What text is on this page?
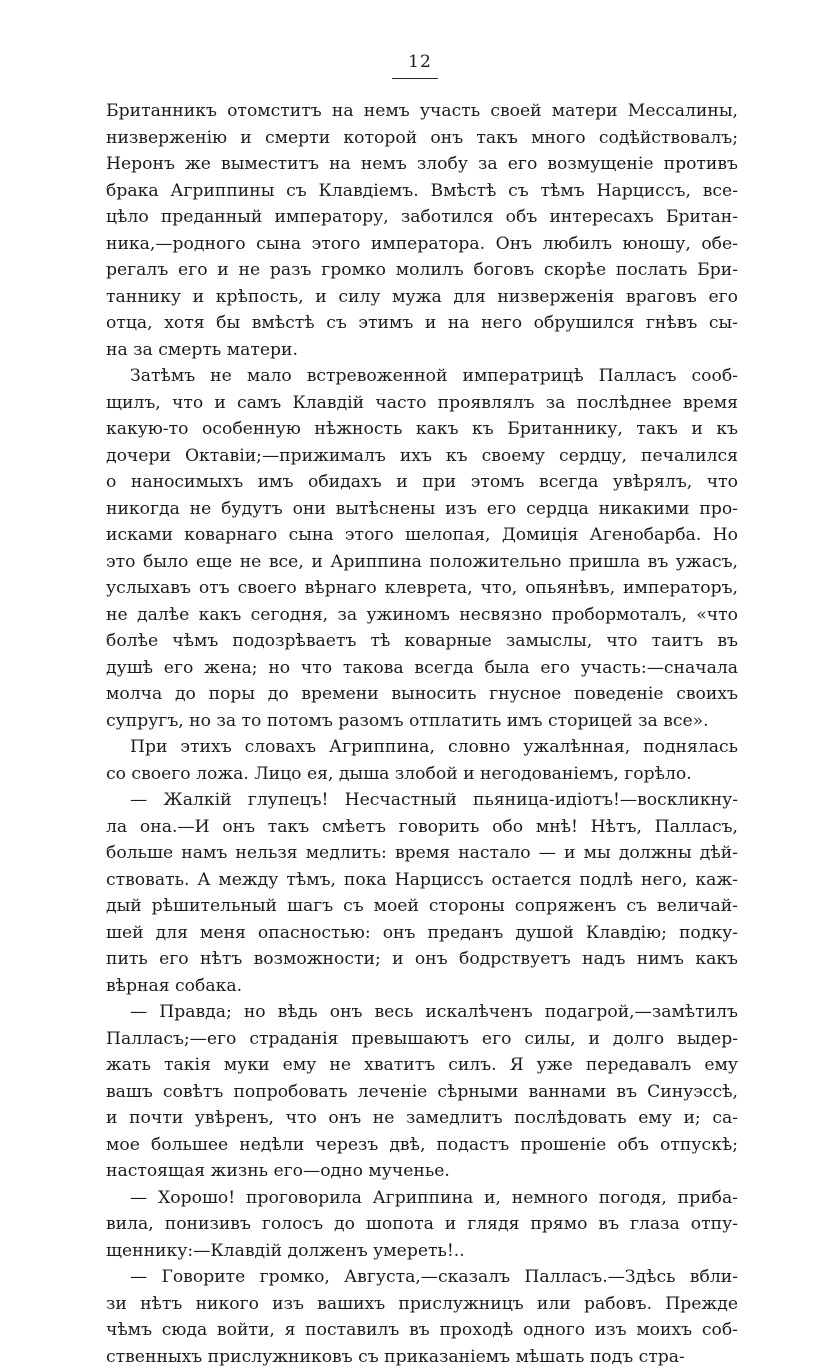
12
Британникъ отомститъ на немъ участь своей матери Мессалины,
низверженію и смерти которой онъ такъ много содѣйствовалъ;
Неронъ же выместитъ на немъ злобу за его возмущеніе противъ
брака Агриппины съ Клавдіемъ. Вмѣстѣ съ тѣмъ Нарциссъ, все-
цѣло преданный императору, заботился объ интересахъ Британ-
ника,—родного сына этого императора. Онъ любилъ юношу, обе-
регалъ его и не разъ громко молилъ боговъ скорѣе послать Бри-
таннику и крѣпость, и силу мужа для низверженія враговъ его
отца, хотя бы вмѣстѣ съ этимъ и на него обрушился гнѣвъ сы-
на за смерть матери.
Затѣмъ не мало встревоженной императрицѣ Палласъ сооб-
щилъ, что и самъ Клавдій часто проявлялъ за послѣднее время
какую-то особенную нѣжность какъ къ Британнику, такъ и къ
дочери Октавіи;—прижималъ ихъ къ своему сердцу, печалился
о наносимыхъ имъ обидахъ и при этомъ всегда увѣрялъ, что
никогда не будутъ они вытѣснены изъ его сердца никакими про-
исками коварнаго сына этого шелопая, Домиція Агенобарба. Но
это было еще не все, и Ариппина положительно пришла въ ужасъ,
услыхавъ отъ своего вѣрнаго клеврета, что, опьянѣвъ, императоръ,
не далѣе какъ сегодня, за ужиномъ несвязно пробормоталъ, «что
болѣе чѣмъ подозрѣваетъ тѣ коварные замыслы, что таитъ въ
душѣ его жена; но что такова всегда была его участь:—сначала
молча до поры до времени выносить гнусное поведеніе своихъ
супругъ, но за то потомъ разомъ отплатить имъ сторицей за все».
При этихъ словахъ Агриппина, словно ужалѣнная, поднялась
со своего ложа. Лицо ея, дыша злобой и негодованіемъ, горѣло.
— Жалкій глупецъ! Несчастный пьяница-идіотъ!—воскликну-
ла она.—И онъ такъ смѣетъ говорить обо мнѣ! Нѣтъ, Палласъ,
больше намъ нельзя медлить: время настало — и мы должны дѣй-
ствовать. А между тѣмъ, пока Нарциссъ остается подлѣ него, каж-
дый рѣшительный шагъ съ моей стороны сопряженъ съ величай-
шей для меня опасностью: онъ преданъ душой Клавдію; подку-
пить его нѣтъ возможности; и онъ бодрствуетъ надъ нимъ какъ
вѣрная собака.
— Правда; но вѣдь онъ весь искалѣченъ подагрой,—замѣтилъ
Палласъ;—его страданія превышаютъ его силы, и долго выдер-
жать такія муки ему не хватитъ силъ. Я уже передавалъ ему
вашъ совѣтъ попробовать леченіе сѣрными ваннами въ Синуэссѣ,
и почти увѣренъ, что онъ не замедлитъ послѣдовать ему и; са-
мое большее недѣли черезъ двѣ, подастъ прошеніе объ отпускѣ;
настоящая жизнь его—одно мученье.
— Хорошо! проговорила Агриппина и, немного погодя, приба-
вила, понизивъ голосъ до шопота и глядя прямо въ глаза отпу-
щеннику:—Клавдій долженъ умереть!..
— Говорите громко, Августа,—сказалъ Палласъ.—Здѣсь вбли-
зи нѣтъ никого изъ вашихъ прислужницъ или рабовъ. Прежде
чѣмъ сюда войти, я поставилъ въ проходѣ одного изъ моихъ соб-
ственныхъ прислужниковъ съ приказаніемъ мѣшать подъ стра-
